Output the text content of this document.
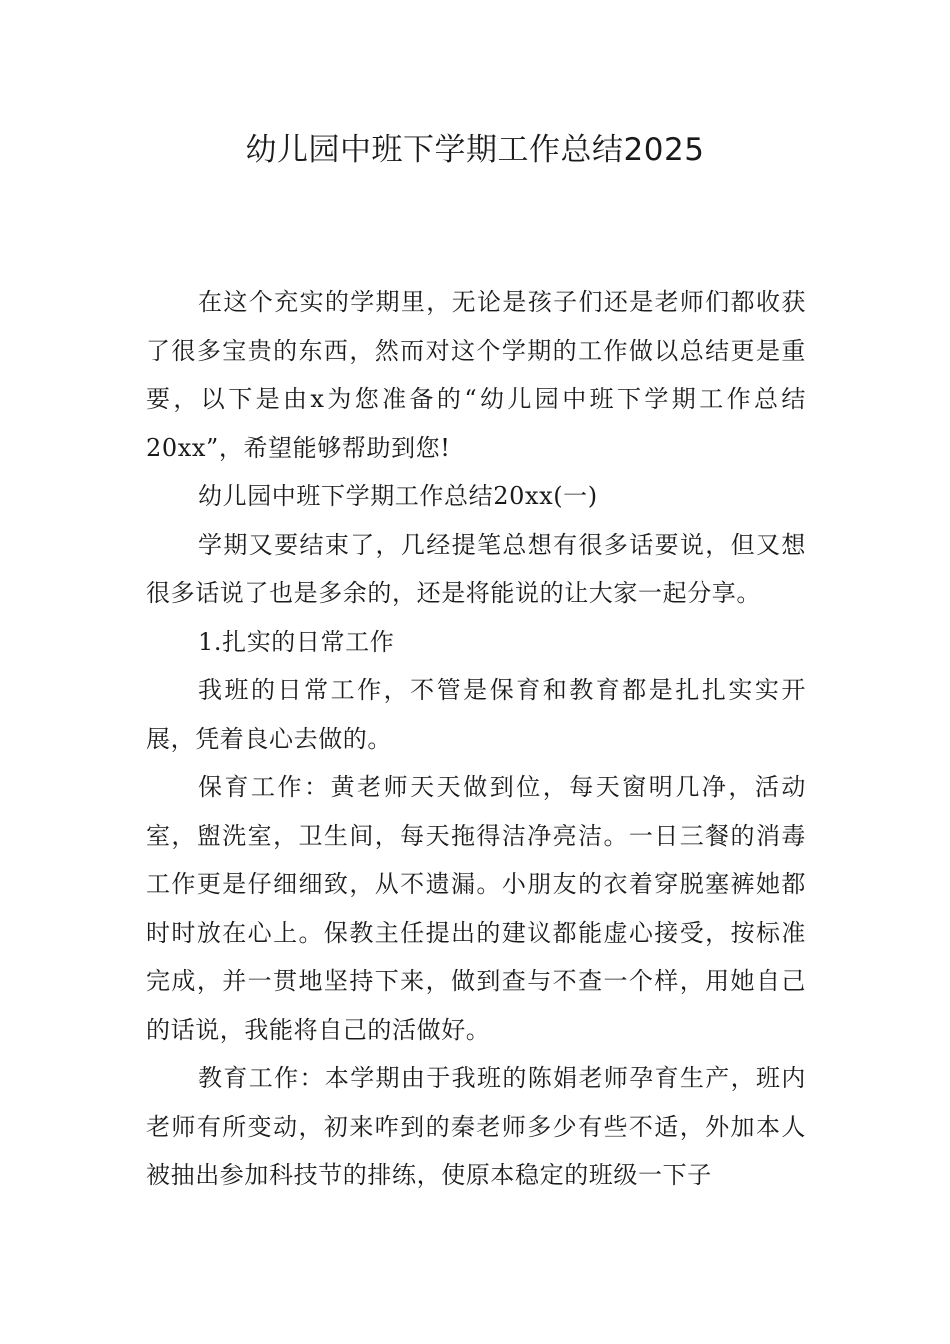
幼儿园中班下学期工作总结2025

在这个充实的学期里，无论是孩子们还是老师们都收获了很多宝贵的东西，然而对这个学期的工作做以总结更是重要，以下是由x为您准备的“幼儿园中班下学期工作总结20xx”，希望能够帮助到您!

幼儿园中班下学期工作总结20xx(一)

学期又要结束了，几经提笔总想有很多话要说，但又想很多话说了也是多余的，还是将能说的让大家一起分享。

1.扎实的日常工作

我班的日常工作，不管是保育和教育都是扎扎实实开展，凭着良心去做的。

保育工作：黄老师天天做到位，每天窗明几净，活动室，盥洗室，卫生间，每天拖得洁净亮洁。一日三餐的消毒工作更是仔细细致，从不遗漏。小朋友的衣着穿脱塞裤她都时时放在心上。保教主任提出的建议都能虚心接受，按标准完成，并一贯地坚持下来，做到查与不查一个样，用她自己的话说，我能将自己的活做好。

教育工作：本学期由于我班的陈娟老师孕育生产，班内老师有所变动，初来咋到的秦老师多少有些不适，外加本人被抽出参加科技节的排练，使原本稳定的班级一下子
